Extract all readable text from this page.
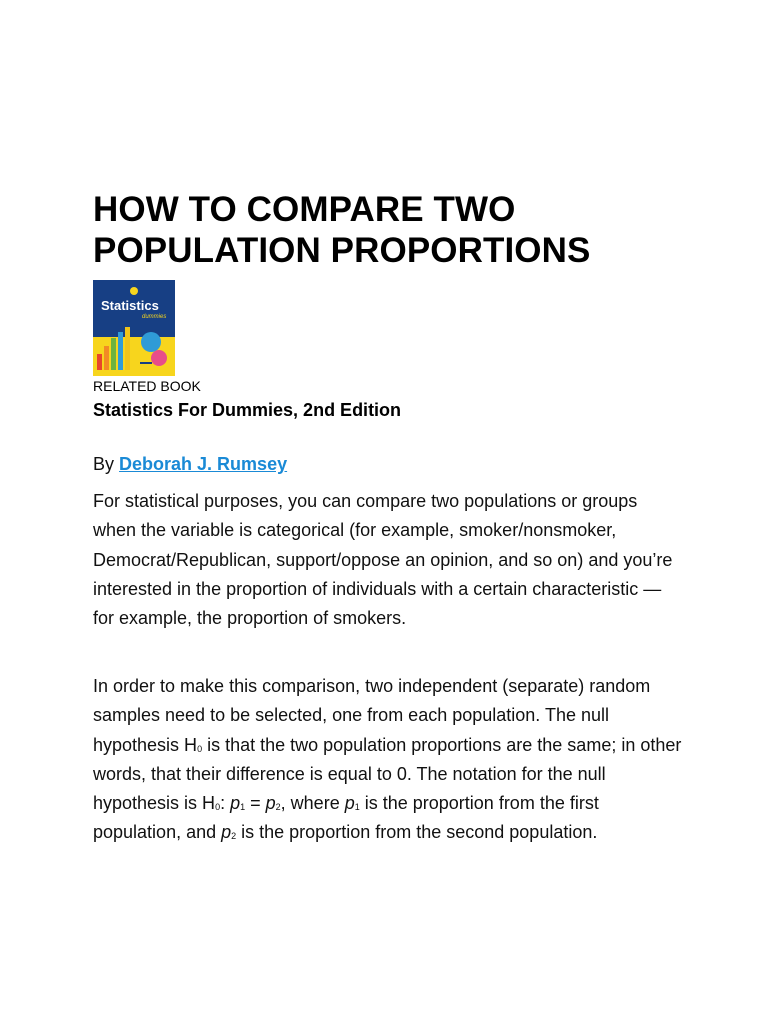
HOW TO COMPARE TWO
POPULATION PROPORTIONS
Statistics
dummies
RELATED BOOK
Statistics For Dummies, 2nd Edition
By Deborah J. Rumsey

For statistical purposes, you can compare two populations or groups when the variable is categorical (for example, smoker/nonsmoker, Democrat/Republican, support/oppose an opinion, and so on) and you’re interested in the proportion of individuals with a certain characteristic — for example, the proportion of smokers.

In order to make this comparison, two independent (separate) random samples need to be selected, one from each population. The null hypothesis $H_0$ is that the two population proportions are the same; in other words, that their difference is equal to 0. The notation for the null hypothesis is $H_0$: $p_1 = p_2$, where $p_1$ is the proportion from the first population, and $p_2$ is the proportion from the second population.
